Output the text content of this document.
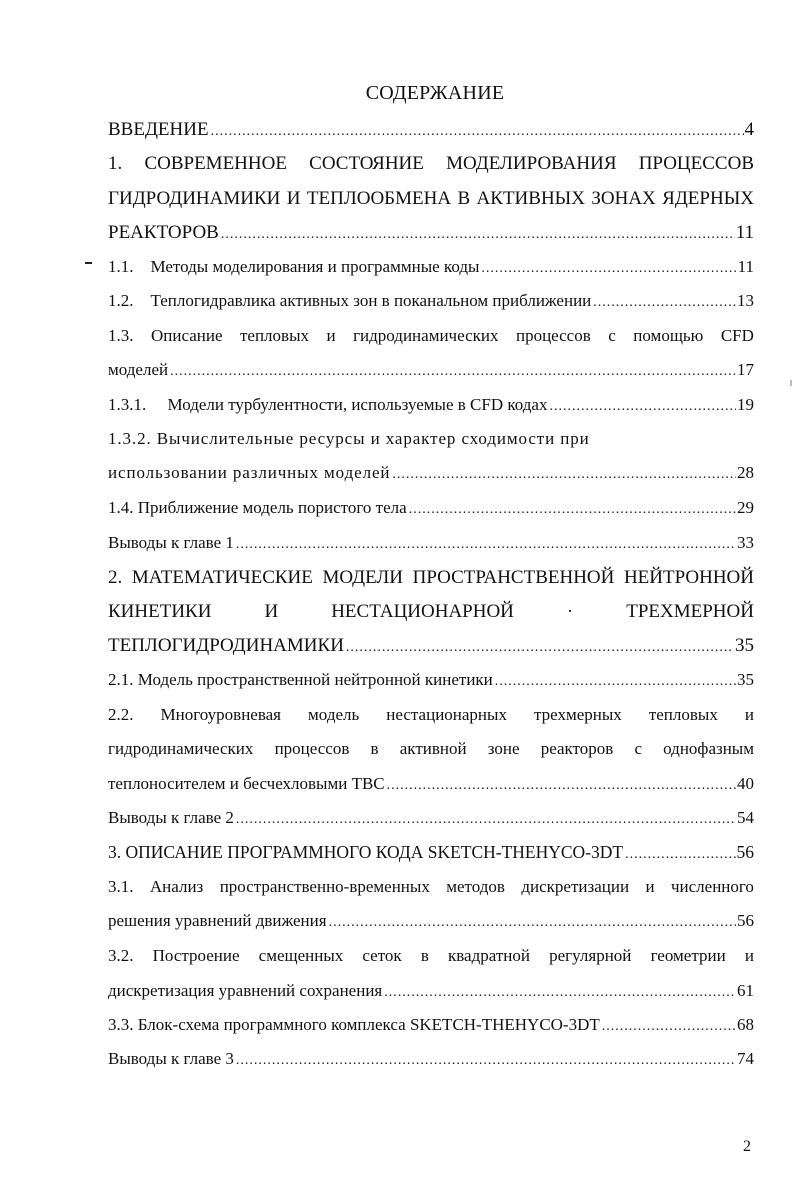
СОДЕРЖАНИЕ
ВВЕДЕНИЕ .....	4
1. СОВРЕМЕННОЕ СОСТОЯНИЕ МОДЕЛИРОВАНИЯ ПРОЦЕССОВ
ГИДРОДИНАМИКИ И ТЕПЛООБМЕНА В АКТИВНЫХ ЗОНАХ ЯДЕРНЫХ
РЕАКТОРОВ .....	11
1.1. Методы моделирования и программные коды .....	11
1.2. Теплогидравлика активных зон в поканальном приближении .....	13
1.3. Описание тепловых и гидродинамических процессов с помощью CFD
моделей .....	17
1.3.1. Модели турбулентности, используемые в CFD кодах .....	19
1.3.2. Вычислительные ресурсы и характер сходимости при
использовании различных моделей .....	28
1.4. Приближение модель пористого тела .....	29
Выводы к главе 1 .....	33
2. МАТЕМАТИЧЕСКИЕ МОДЕЛИ ПРОСТРАНСТВЕННОЙ НЕЙТРОННОЙ
КИНЕТИКИ	И	НЕСТАЦИОНАРНОЙ	·	ТРЕХМЕРНОЙ
ТЕПЛОГИДРОДИНАМИКИ .....	35
2.1. Модель пространственной нейтронной кинетики .....	35
2.2. Многоуровневая модель нестационарных трехмерных тепловых и
гидродинамических процессов в активной зоне реакторов с однофазным
теплоносителем и бесчехловыми ТВС .....	40
Выводы к главе 2 .....	54
3. ОПИСАНИЕ ПРОГРАММНОГО КОДА SKETCH-THEHYCO-3DT .....	56
3.1. Анализ пространственно-временных методов дискретизации и численного
решения уравнений движения .....	56
3.2. Построение смещенных сеток в квадратной регулярной геометрии и
дискретизация уравнений сохранения .....	61
3.3. Блок-схема программного комплекса SKETCH-THEHYCO-3DT .....	68
Выводы к главе 3 .....	74
2
